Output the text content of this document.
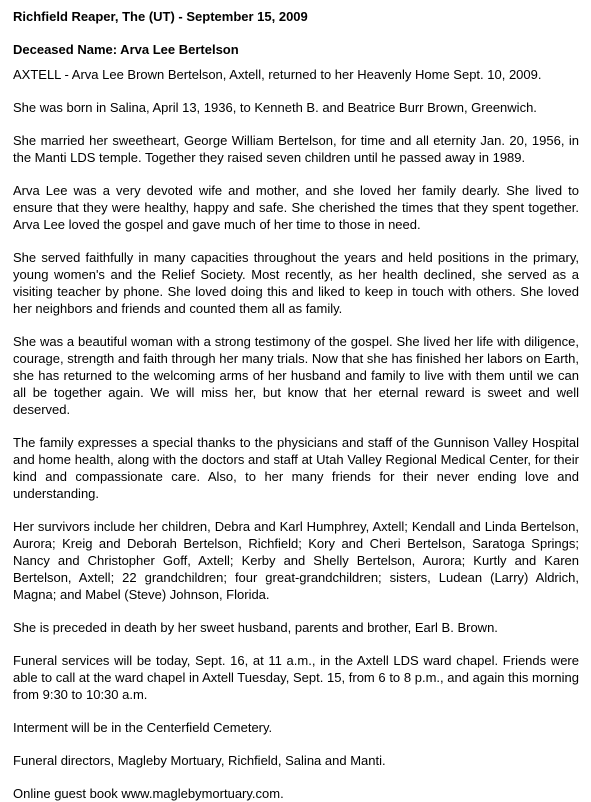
Richfield Reaper, The (UT) - September 15, 2009
Deceased Name: Arva Lee Bertelson

AXTELL - Arva Lee Brown Bertelson, Axtell, returned to her Heavenly Home Sept. 10, 2009.

She was born in Salina, April 13, 1936, to Kenneth B. and Beatrice Burr Brown, Greenwich.

She married her sweetheart, George William Bertelson, for time and all eternity Jan. 20, 1956, in the Manti LDS temple. Together they raised seven children until he passed away in 1989.

Arva Lee was a very devoted wife and mother, and she loved her family dearly. She lived to ensure that they were healthy, happy and safe. She cherished the times that they spent together. Arva Lee loved the gospel and gave much of her time to those in need.

She served faithfully in many capacities throughout the years and held positions in the primary, young women's and the Relief Society. Most recently, as her health declined, she served as a visiting teacher by phone. She loved doing this and liked to keep in touch with others. She loved her neighbors and friends and counted them all as family.

She was a beautiful woman with a strong testimony of the gospel. She lived her life with diligence, courage, strength and faith through her many trials. Now that she has finished her labors on Earth, she has returned to the welcoming arms of her husband and family to live with them until we can all be together again. We will miss her, but know that her eternal reward is sweet and well deserved.

The family expresses a special thanks to the physicians and staff of the Gunnison Valley Hospital and home health, along with the doctors and staff at Utah Valley Regional Medical Center, for their kind and compassionate care. Also, to her many friends for their never ending love and understanding.

Her survivors include her children, Debra and Karl Humphrey, Axtell; Kendall and Linda Bertelson, Aurora; Kreig and Deborah Bertelson, Richfield; Kory and Cheri Bertelson, Saratoga Springs; Nancy and Christopher Goff, Axtell; Kerby and Shelly Bertelson, Aurora; Kurtly and Karen Bertelson, Axtell; 22 grandchildren; four great-grandchildren; sisters, Ludean (Larry) Aldrich, Magna; and Mabel (Steve) Johnson, Florida.

She is preceded in death by her sweet husband, parents and brother, Earl B. Brown.

Funeral services will be today, Sept. 16, at 11 a.m., in the Axtell LDS ward chapel. Friends were able to call at the ward chapel in Axtell Tuesday, Sept. 15, from 6 to 8 p.m., and again this morning from 9:30 to 10:30 a.m.

Interment will be in the Centerfield Cemetery.

Funeral directors, Magleby Mortuary, Richfield, Salina and Manti.

Online guest book www.maglebymortuary.com.
